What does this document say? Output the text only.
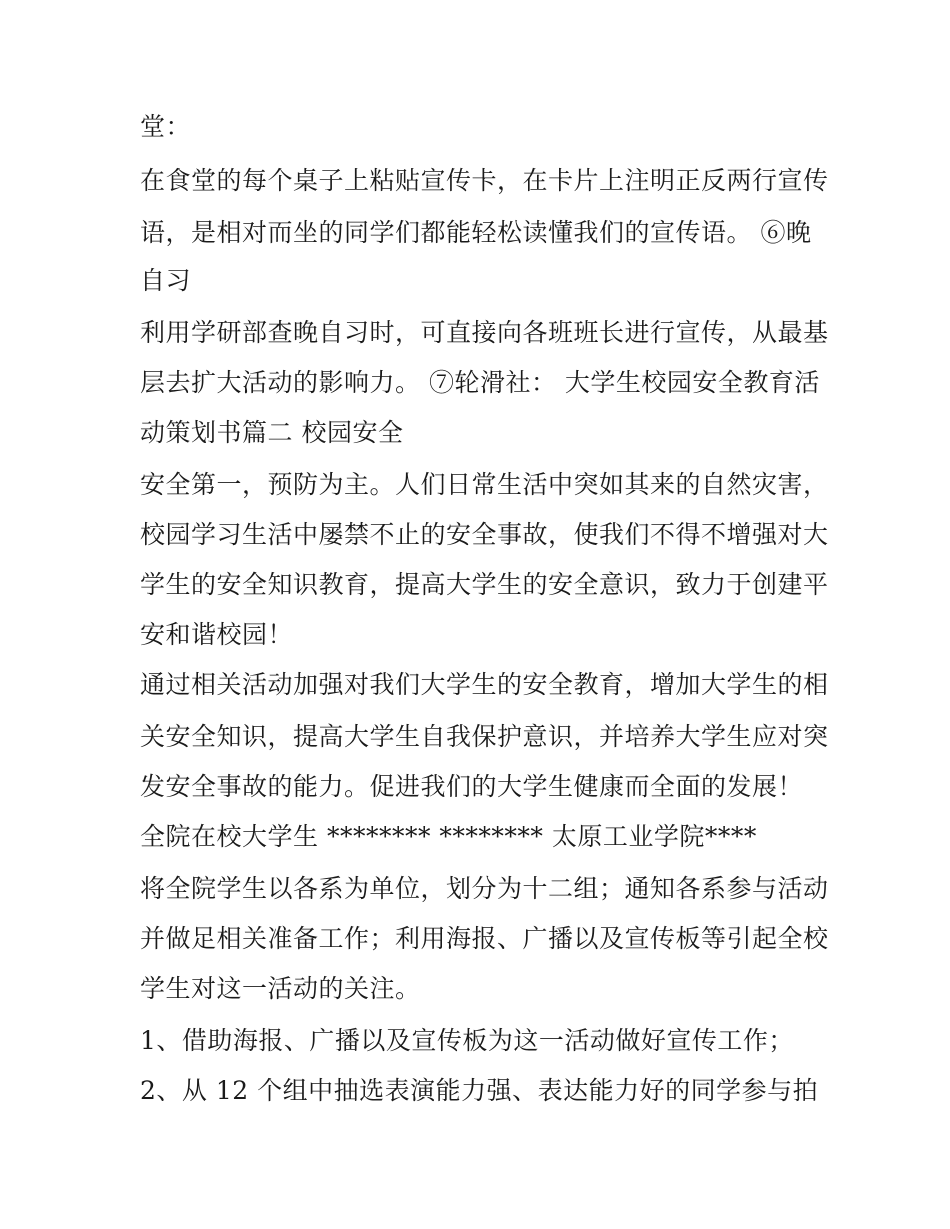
堂：
在食堂的每个桌子上粘贴宣传卡，在卡片上注明正反两行宣传
语，是相对而坐的同学们都能轻松读懂我们的宣传语。 ⑥晚
自习
利用学研部查晚自习时，可直接向各班班长进行宣传，从最基
层去扩大活动的影响力。 ⑦轮滑社： 大学生校园安全教育活
动策划书篇二 校园安全
安全第一，预防为主。人们日常生活中突如其来的自然灾害，
校园学习生活中屡禁不止的安全事故，使我们不得不增强对大
学生的安全知识教育，提高大学生的安全意识，致力于创建平
安和谐校园！
通过相关活动加强对我们大学生的安全教育，增加大学生的相
关安全知识，提高大学生自我保护意识，并培养大学生应对突
发安全事故的能力。促进我们的大学生健康而全面的发展！
全院在校大学生 ******** ******** 太原工业学院****
将全院学生以各系为单位，划分为十二组；通知各系参与活动
并做足相关准备工作；利用海报、广播以及宣传板等引起全校
学生对这一活动的关注。
1、借助海报、广播以及宣传板为这一活动做好宣传工作；
2、从 12 个组中抽选表演能力强、表达能力好的同学参与拍
